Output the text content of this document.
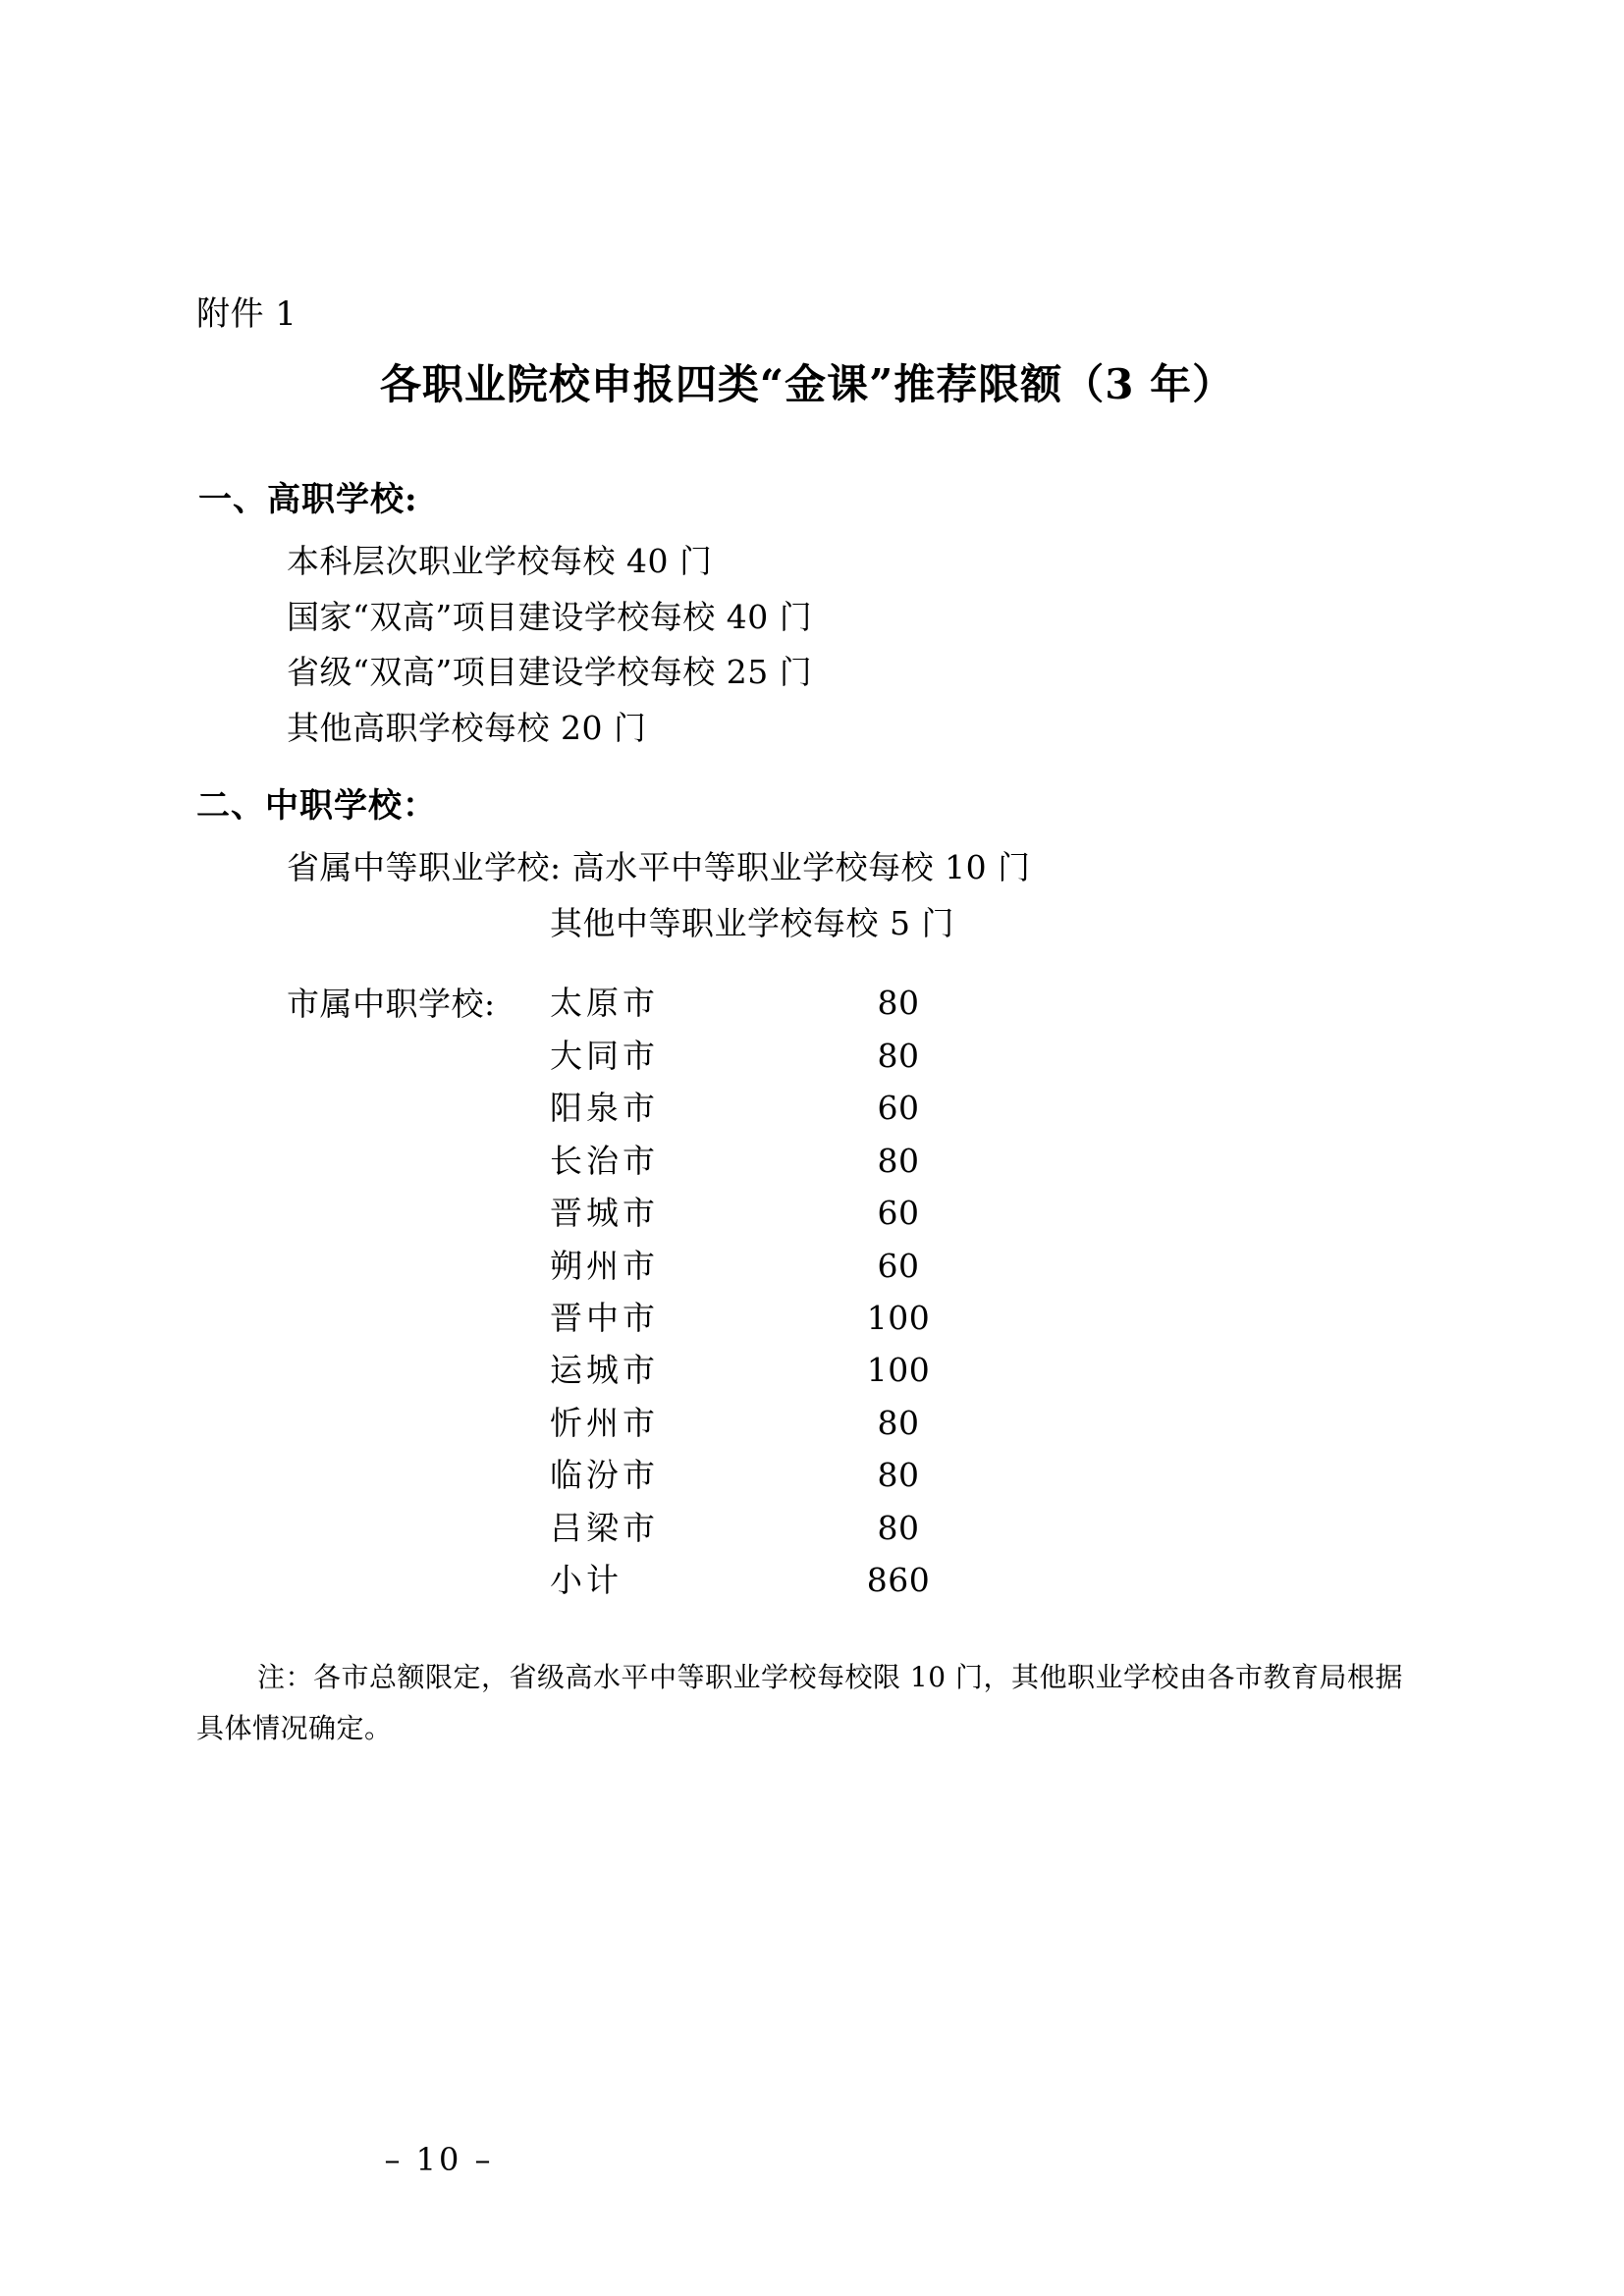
附件 1
各职业院校申报四类“金课”推荐限额（3 年）
一、高职学校:
本科层次职业学校每校 40 门
国家“双高”项目建设学校每校 40 门
省级“双高”项目建设学校每校 25 门
其他高职学校每校 20 门
二、中职学校：
省属中等职业学校: 高水平中等职业学校每校 10 门
其他中等职业学校每校 5 门
市属中职学校:	太原市	80
大同市	80
阳泉市	60
长治市	80
晋城市	60
朔州市	60
晋中市	100
运城市	100
忻州市	80
临汾市	80
吕梁市	80
小计	860
注：各市总额限定，省级高水平中等职业学校每校限 10 门，其他职业学校由各市教育局根据具体情况确定。
– 10 –
